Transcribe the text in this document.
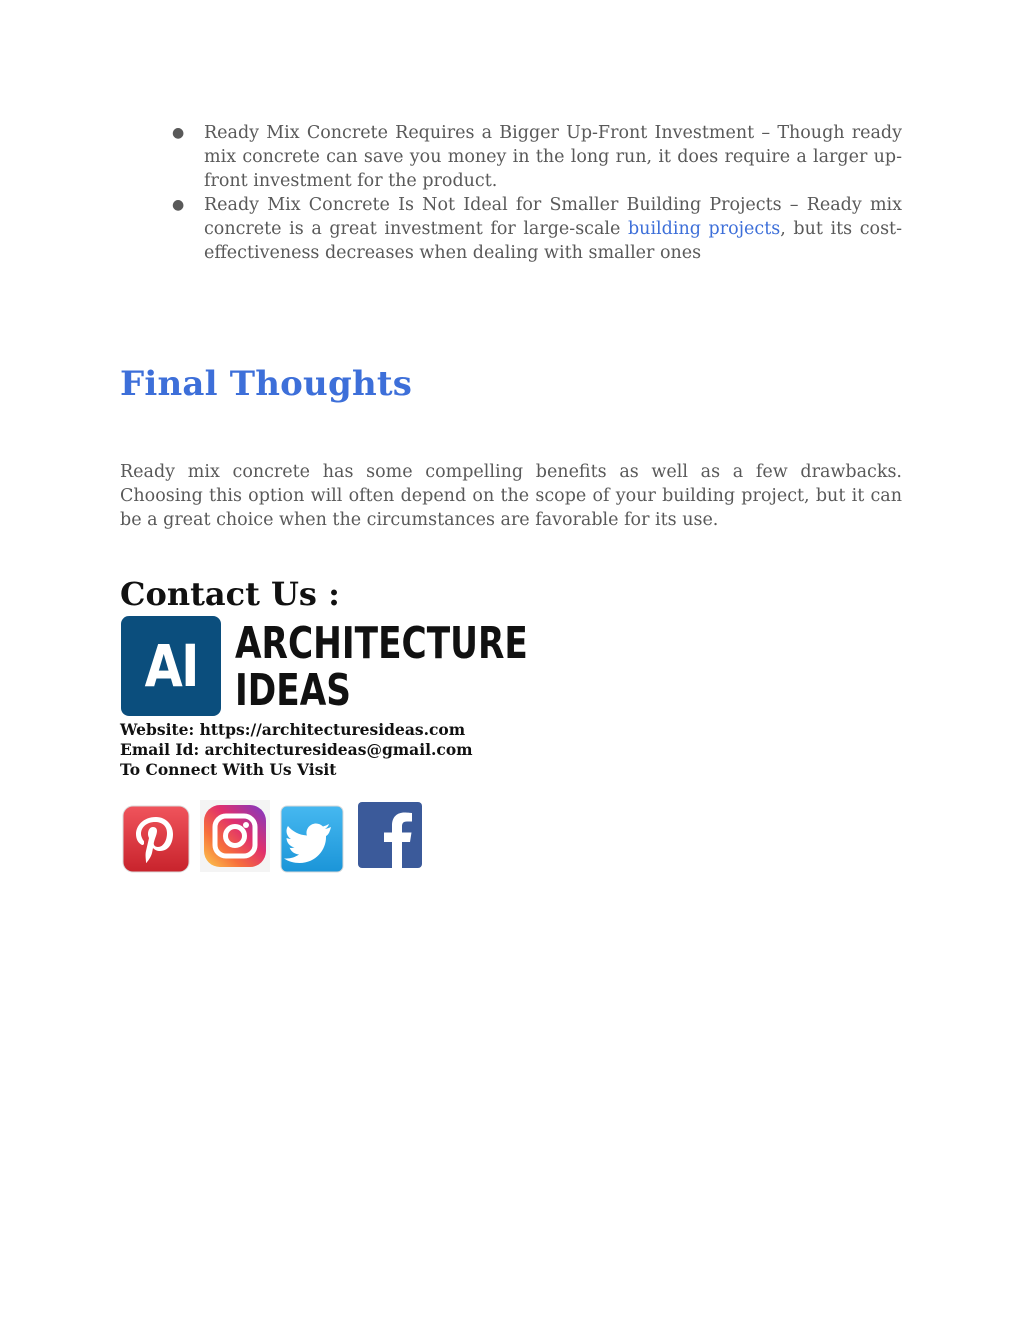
● Ready Mix Concrete Requires a Bigger Up-Front Investment – Though ready mix concrete can save you money in the long run, it does require a larger up-front investment for the product.
● Ready Mix Concrete Is Not Ideal for Smaller Building Projects – Ready mix concrete is a great investment for large-scale building projects, but its cost-effectiveness decreases when dealing with smaller ones
Final Thoughts

Ready mix concrete has some compelling benefits as well as a few drawbacks. Choosing this option will often depend on the scope of your building project, but it can be a great choice when the circumstances are favorable for its use.

Contact Us :
AI ARCHITECTURE
IDEAS
Website: https://architecturesideas.com
Email Id: architecturesideas@gmail.com
To Connect With Us Visit
